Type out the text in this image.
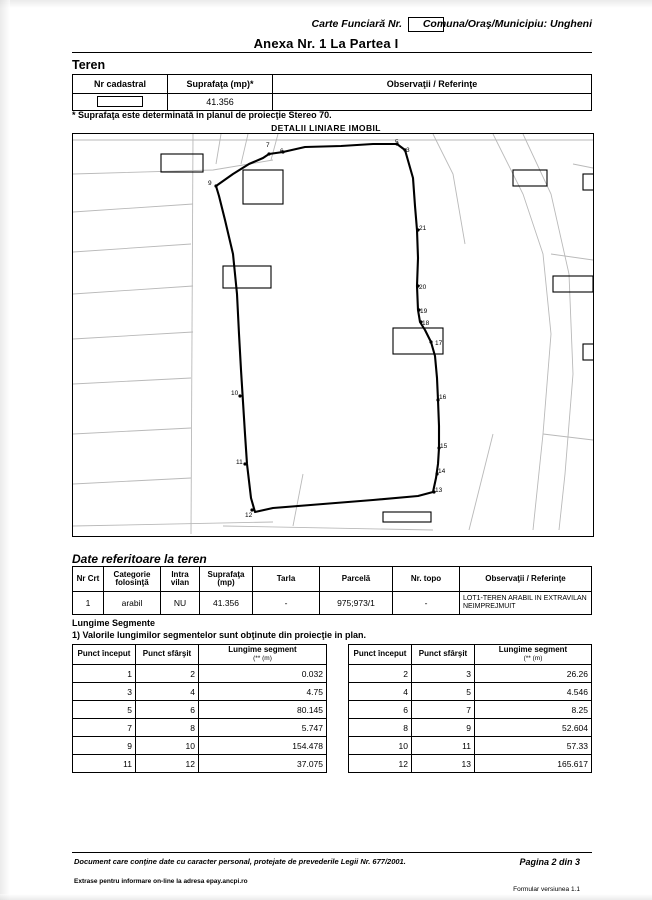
Carte Funciară Nr. Comuna/Oraş/Municipiu: Ungheni
Anexa Nr. 1 La Partea I
Teren
Nr cadastral	Suprafaţa (mp)*	Observaţii / Referinţe
	41.356	
* Suprafaţa este determinată in planul de proiecţie Stereo 70.
DETALII LINIARE IMOBIL
7
6
5
3
9
21
20
19
18
17
16
15
14
13
10
11
12
Date referitoare la teren
Nr Crt	Categorie folosinţă	Intra vilan	Suprafaţa (mp)	Tarla	Parcelă	Nr. topo	Observaţii / Referinţe
1	arabil	NU	41.356	-	975;973/1	-	LOT1-TEREN ARABIL IN EXTRAVILAN NEIMPREJMUIT
Lungime Segmente
1) Valorile lungimilor segmentelor sunt obţinute din proiecţie in plan.
Punct început	Punct sfârşit	Lungime segment
(** (m)
1	2	0.032
3	4	4.75
5	6	80.145
7	8	5.747
9	10	154.478
11	12	37.075
Punct început	Punct sfârşit	Lungime segment
(** (m)
2	3	26.26
4	5	4.546
6	7	8.25
8	9	52.604
10	11	57.33
12	13	165.617
Document care conţine date cu caracter personal, protejate de prevederile Legii Nr. 677/2001.	Pagina 2 din 3
Extrase pentru informare on-line la adresa epay.ancpi.ro
Formular versiunea 1.1
